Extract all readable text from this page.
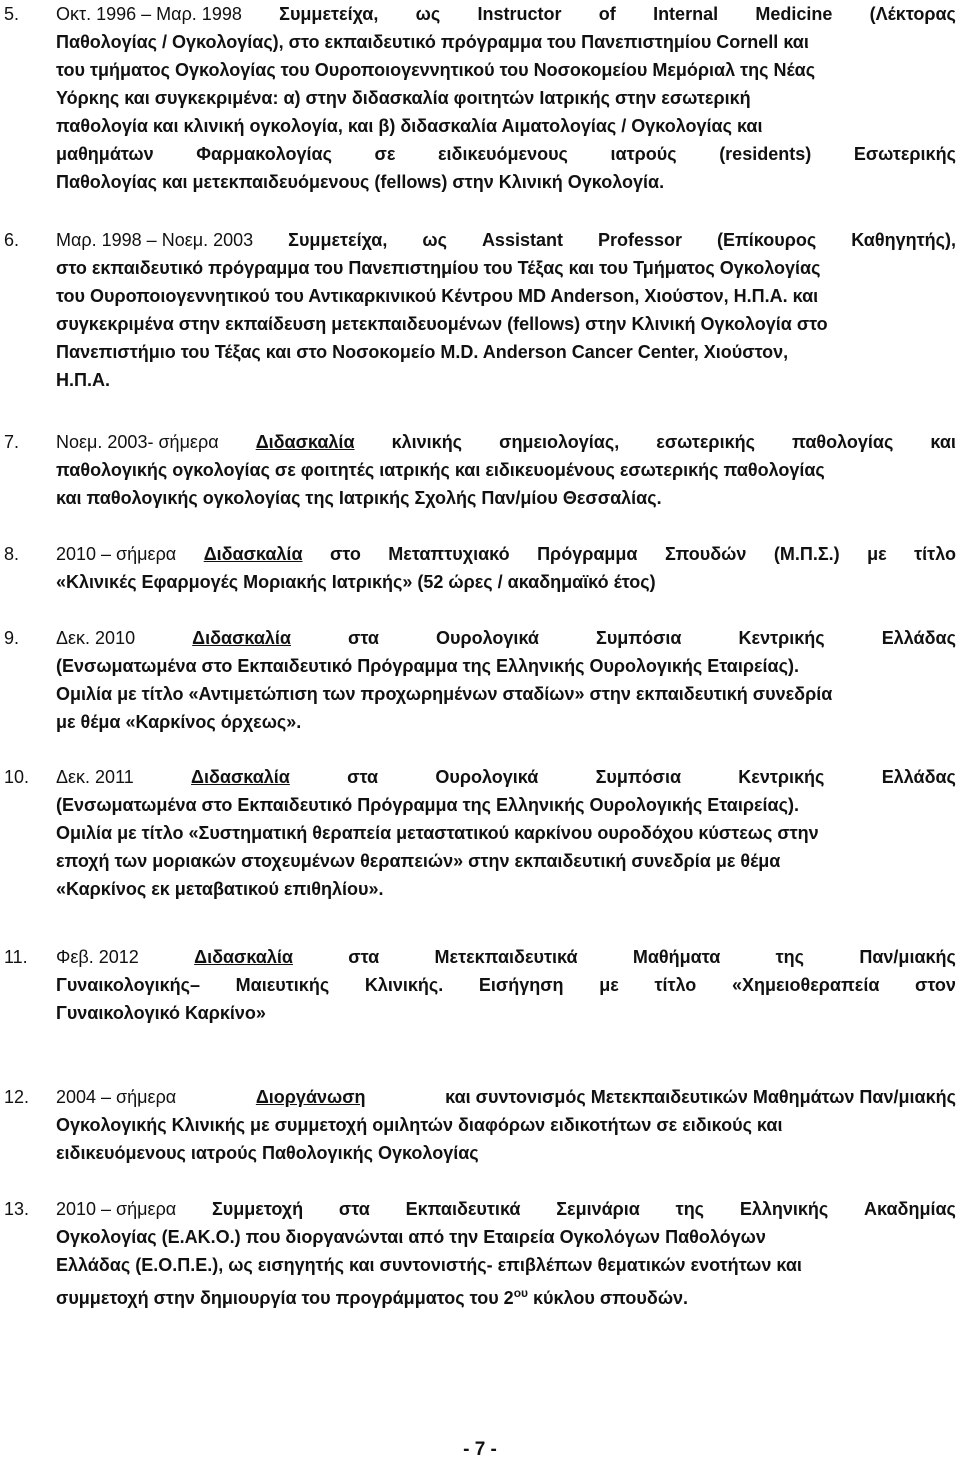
5. Οκτ. 1996 – Μαρ. 1998 Συμμετείχα, ως Instructor of Internal Medicine (Λέκτορας
Παθολογίας / Ογκολογίας), στο εκπαιδευτικό πρόγραμμα του Πανεπιστημίου Cornell και
του τμήματος Ογκολογίας του Ουροποιογεννητικού του Νοσοκομείου Μεμόριαλ της Νέας
Υόρκης και συγκεκριμένα: α) στην διδασκαλία φοιτητών Ιατρικής στην εσωτερική
παθολογία και κλινική ογκολογία, και β) διδασκαλία Αιματολογίας / Ογκολογίας και
μαθημάτων Φαρμακολογίας σε ειδικευόμενους ιατρούς (residents) Εσωτερικής
Παθολογίας και μετεκπαιδευόμενους (fellows) στην Κλινική Ογκολογία.
6. Μαρ. 1998 – Νοεμ. 2003 Συμμετείχα, ως Assistant Professor (Επίκουρος Καθηγητής),
στο εκπαιδευτικό πρόγραμμα του Πανεπιστημίου του Τέξας και του Τμήματος Ογκολογίας
του Ουροποιογεννητικού του Αντικαρκινικού Κέντρου MD Anderson, Χιούστον, Η.Π.Α. και
συγκεκριμένα στην εκπαίδευση μετεκπαιδευομένων (fellows) στην Κλινική Ογκολογία στο
Πανεπιστήμιο του Τέξας και στο Νοσοκομείο M.D. Anderson Cancer Center, Χιούστον,
Η.Π.Α.
7. Νοεμ. 2003- σήμερα Διδασκαλία κλινικής σημειολογίας, εσωτερικής παθολογίας και
παθολογικής ογκολογίας σε φοιτητές ιατρικής και ειδικευομένους εσωτερικής παθολογίας
και παθολογικής ογκολογίας της Ιατρικής Σχολής Παν/μίου Θεσσαλίας.
8. 2010 – σήμερα Διδασκαλία στο Μεταπτυχιακό Πρόγραμμα Σπουδών (Μ.Π.Σ.) με τίτλο
«Κλινικές Εφαρμογές Μοριακής Ιατρικής» (52 ώρες / ακαδημαϊκό έτος)
9. Δεκ. 2010	Διδασκαλία	στα	Ουρολογικά	Συμπόσια	Κεντρικής	Ελλάδας
(Ενσωματωμένα στο Εκπαιδευτικό Πρόγραμμα της Ελληνικής Ουρολογικής Εταιρείας).
Ομιλία με τίτλο «Αντιμετώπιση των προχωρημένων σταδίων» στην εκπαιδευτική συνεδρία
με θέμα «Καρκίνος όρχεως».
10. Δεκ. 2011	Διδασκαλία	στα	Ουρολογικά	Συμπόσια	Κεντρικής	Ελλάδας
(Ενσωματωμένα στο Εκπαιδευτικό Πρόγραμμα της Ελληνικής Ουρολογικής Εταιρείας).
Ομιλία με τίτλο «Συστηματική θεραπεία μεταστατικού καρκίνου ουροδόχου κύστεως στην
εποχή των μοριακών στοχευμένων θεραπειών» στην εκπαιδευτική συνεδρία με θέμα
«Καρκίνος εκ μεταβατικού επιθηλίου».
11. Φεβ. 2012	Διδασκαλία	στα	Μετεκπαιδευτικά	Μαθήματα	της	Παν/μιακής
Γυναικολογικής– Μαιευτικής Κλινικής. Εισήγηση με τίτλο «Χημειοθεραπεία στον
Γυναικολογικό Καρκίνο»
12. 2004 – σήμερα	Διοργάνωση	και συντονισμός Μετεκπαιδευτικών Μαθημάτων Παν/μιακής
Ογκολογικής Κλινικής με συμμετοχή ομιλητών διαφόρων ειδικοτήτων σε ειδικούς και
ειδικευόμενους ιατρούς Παθολογικής Ογκολογίας
13. 2010 – σήμερα Συμμετοχή στα Εκπαιδευτικά Σεμινάρια της Ελληνικής Ακαδημίας
Ογκολογίας (Ε.ΑΚ.Ο.) που διοργανώνται από την Εταιρεία Ογκολόγων Παθολόγων
Ελλάδας (Ε.Ο.Π.Ε.), ως εισηγητής και συντονιστής- επιβλέπων θεματικών ενοτήτων και
συμμετοχή στην δημιουργία του προγράμματος του $2^{o\upsilon}$ κύκλου σπουδών.
- 7 -
